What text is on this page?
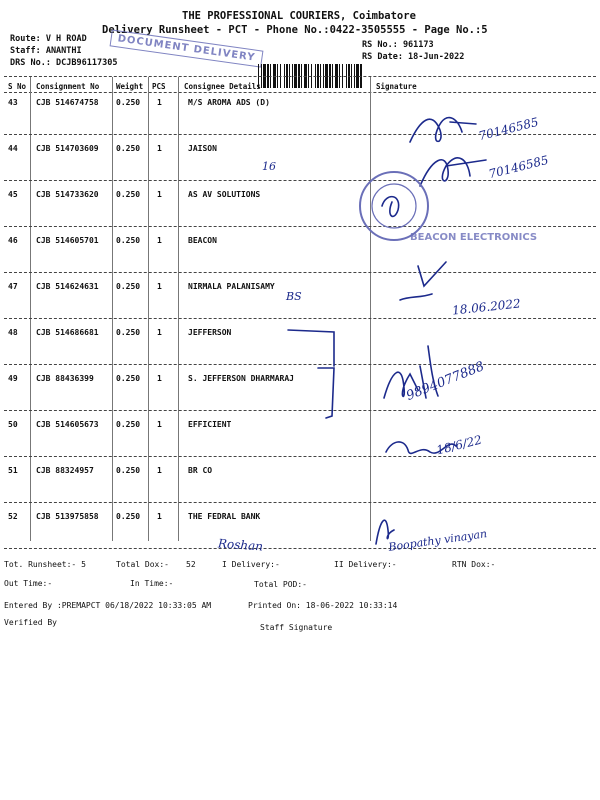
THE PROFESSIONAL COURIERS, Coimbatore
Delivery Runsheet - PCT - Phone No.:0422-3505555 - Page No.:5
Route: V H ROAD
Staff: ANANTHI
DRS No.: DCJB96117305
RS No.: 961173
RS Date: 18-Jun-2022
DOCUMENT DELIVERY
S No Consignment No Weight PCS Consignee Details	Signature
43 CJB 514674758 0.250 1	M/S AROMA ADS (D)
44 CJB 514703609 0.250 1	JAISON
45 CJB 514733620 0.250 1	AS AV SOLUTIONS
46 CJB 514605701 0.250 1	BEACON
47 CJB 514624631 0.250 1	NIRMALA PALANISAMY
48 CJB 514686681 0.250 1	JEFFERSON
49 CJB 88436399	0.250 1	S. JEFFERSON DHARMARAJ
50 CJB 514605673 0.250 1	EFFICIENT
51 CJB 88324957	0.250 1	BR CO
52 CJB 513975858 0.250 1	THE FEDRAL BANK
70146585
70146585
16
BEACON ELECTRONICS
18.06.2022
BS
9894077888
18/6/22
Boopathy vinayan
Roshan
Tot. Runsheet:- 5	Total Dox:- 52	I Delivery:-	II Delivery:-	RTN Dox:-
Out Time:-	In Time:-	Total POD:-
Entered By :PREMAPCT 06/18/2022 10:33:05 AM	Printed On: 18-06-2022 10:33:14
Verified By
Staff Signature
